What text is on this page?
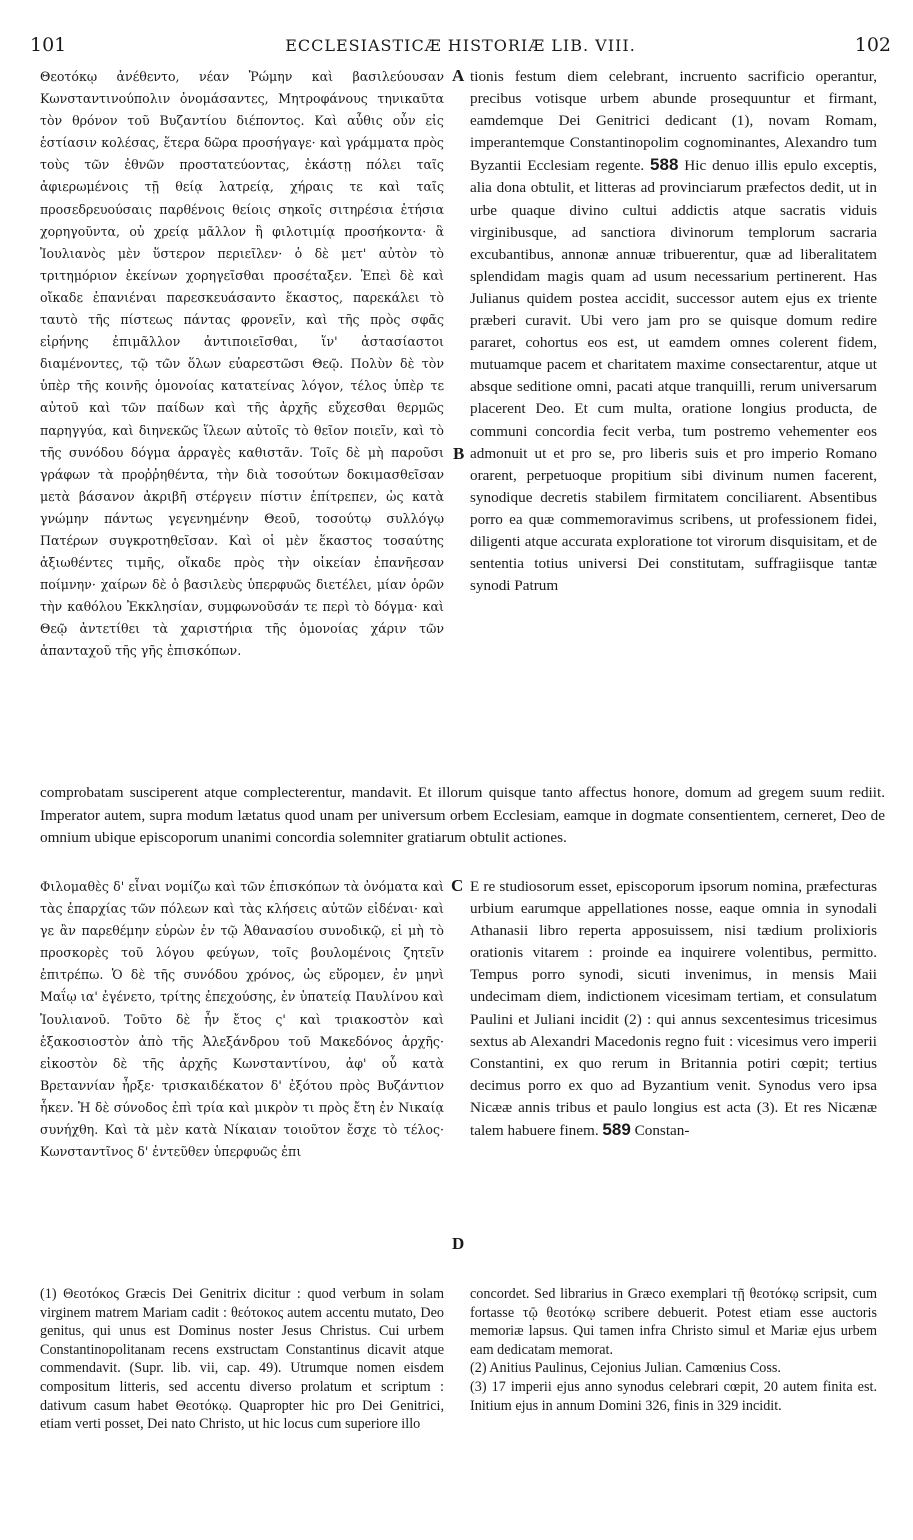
101	ECCLESIASTICÆ HISTORIÆ LIB. VIII.	102
A
B
C
D

Θεοτόκῳ ἀνέθεντο, νέαν Ῥώμην καὶ βασιλεύουσαν Κωνσταντινούπολιν ὀνομάσαντες, Μητροφάνους τηνικαῦτα τὸν θρόνον τοῦ Βυζαντίου διέποντος. Καὶ αὖθις οὖν εἰς ἑστίασιν κολέσας, ἕτερα δῶρα προσήγαγε· καὶ γράμματα πρὸς τοὺς τῶν ἐθνῶν προστατεύοντας, ἑκάστῃ πόλει ταῖς ἀφιερωμένοις τῇ θείᾳ λατρείᾳ, χήραις τε καὶ ταῖς προσεδρευούσαις παρθένοις θείοις σηκοῖς σιτηρέσια ἐτήσια χορηγοῦντα, οὐ χρείᾳ μᾶλλον ἢ φιλοτιμίᾳ προσήκοντα· ἃ Ἰουλιανὸς μὲν ὕστερον περιεῖλεν· ὁ δὲ μετ' αὐτὸν τὸ τριτημόριον ἐκείνων χορηγεῖσθαι προσέταξεν. Ἐπεὶ δὲ καὶ οἴκαδε ἐπανιέναι παρεσκευάσαντο ἕκαστος, παρεκάλει τὸ ταυτὸ τῆς πίστεως πάντας φρονεῖν, καὶ τῆς πρὸς σφᾶς εἰρήνης ἐπιμᾶλλον ἀντιποιεῖσθαι, ἵν' ἀστασίαστοι διαμένοντες, τῷ τῶν ὅλων εὐαρεστῶσι Θεῷ. Πολὺν δὲ τὸν ὑπὲρ τῆς κοινῆς ὁμονοίας κατατείνας λόγον, τέλος ὑπὲρ τε αὐτοῦ καὶ τῶν παίδων καὶ τῆς ἀρχῆς εὔχεσθαι θερμῶς παρηγγύα, καὶ διηνεκῶς ἵλεων αὐτοῖς τὸ θεῖον ποιεῖν, καὶ τὸ τῆς συνόδου δόγμα ἀρραγὲς καθιστᾶν. Τοῖς δὲ μὴ παροῦσι γράφων τὰ προῤῥηθέντα, τὴν διὰ τοσούτων δοκιμασθεῖσαν μετὰ βάσανον ἀκριβῆ στέργειν πίστιν ἐπίτρεπεν, ὡς κατὰ γνώμην πάντως γεγενημένην Θεοῦ, τοσούτῳ συλλόγῳ Πατέρων συγκροτηθεῖσαν. Καὶ οἱ μὲν ἕκαστος τοσαύτης ἀξιωθέντες τιμῆς, οἴκαδε πρὸς τὴν οἰκείαν ἐπανῆεσαν ποίμνην· χαίρων δὲ ὁ βασιλεὺς ὑπερφυῶς διετέλει, μίαν ὁρῶν τὴν καθόλου Ἐκκλησίαν, συμφωνοῦσάν τε περὶ τὸ δόγμα· καὶ Θεῷ ἀντετίθει τὰ χαριστήρια τῆς ὁμονοίας χάριν τῶν ἁπανταχοῦ τῆς γῆς ἐπισκόπων.

tionis festum diem celebrant, incruento sacrificio operantur, precibus votisque urbem abunde prosequuntur et firmant, eamdemque Dei Genitrici dedicant (1), novam Romam, imperantemque Constantinopolim cognominantes, Alexandro tum Byzantii Ecclesiam regente. 588 Hic denuo illis epulo exceptis, alia dona obtulit, et litteras ad provinciarum præfectos dedit, ut in urbe quaque divino cultui addictis atque sacratis viduis virginibusque, ad sanctiora divinorum templorum sacraria excubantibus, annonæ annuæ tribuerentur, quæ ad liberalitatem splendidam magis quam ad usum necessarium pertinerent. Has Julianus quidem postea accidit, successor autem ejus ex triente præberi curavit. Ubi vero jam pro se quisque domum redire pararet, cohortus eos est, ut eamdem omnes colerent fidem, mutuamque pacem et charitatem maxime consectarentur, atque ut absque seditione omni, pacati atque tranquilli, rerum universarum placerent Deo. Et cum multa, oratione longius producta, de communi concordia fecit verba, tum postremo vehementer eos admonuit ut et pro se, pro liberis suis et pro imperio Romano orarent, perpetuoque propitium sibi divinum numen facerent, synodique decretis stabilem firmitatem conciliarent. Absentibus porro ea quæ commemoravimus scribens, ut professionem fidei, diligenti atque accurata exploratione tot virorum disquisitam, et de sententia totius universi Dei constitutam, suffragiisque tantæ synodi Patrum

comprobatam susciperent atque complecterentur, mandavit. Et illorum quisque tanto affectus honore, domum ad gregem suum rediit. Imperator autem, supra modum lætatus quod unam per universum orbem Ecclesiam, eamque in dogmate consentientem, cerneret, Deo de omnium ubique episcoporum unanimi concordia solemniter gratiarum obtulit actiones.

Φιλομαθὲς δ' εἶναι νομίζω καὶ τῶν ἐπισκόπων τὰ ὀνόματα καὶ τὰς ἐπαρχίας τῶν πόλεων καὶ τὰς κλήσεις αὐτῶν εἰδέναι· καὶ γε ἂν παρεθέμην εὑρὼν ἐν τῷ Ἀθανασίου συνοδικῷ, εἰ μὴ τὸ προσκορὲς τοῦ λόγου φεύγων, τοῖς βουλομένοις ζητεῖν ἐπιτρέπω. Ὁ δὲ τῆς συνόδου χρόνος, ὡς εὕρομεν, ἐν μηνὶ Μαΐῳ ια' ἐγένετο, τρίτης ἐπεχούσης, ἐν ὑπατείᾳ Παυλίνου καὶ Ἰουλιανοῦ. Τοῦτο δὲ ἦν ἔτος ς' καὶ τριακοστὸν καὶ ἑξακοσιοστὸν ἀπὸ τῆς Ἀλεξάνδρου τοῦ Μακεδόνος ἀρχῆς· εἰκοστὸν δὲ τῆς ἀρχῆς Κωνσταντίνου, ἀφ' οὗ κατὰ Βρεταννίαν ἦρξε· τρισκαιδέκατον δ' ἐξότου πρὸς Βυζάντιον ἧκεν. Ἡ δὲ σύνοδος ἐπὶ τρία καὶ μικρὸν τι πρὸς ἔτη ἐν Νικαίᾳ συνήχθη. Καὶ τὰ μὲν κατὰ Νίκαιαν τοιοῦτον ἔσχε τὸ τέλος· Κωνσταντῖνος δ' ἐντεῦθεν ὑπερφυῶς ἐπι

E re studiosorum esset, episcoporum ipsorum nomina, præfecturas urbium earumque appellationes nosse, eaque omnia in synodali Athanasii libro reperta apposuissem, nisi tædium prolixioris orationis vitarem : proinde ea inquirere volentibus, permitto. Tempus porro synodi, sicuti invenimus, in mensis Maii undecimam diem, indictionem vicesimam tertiam, et consulatum Paulini et Juliani incidit (2) : qui annus sexcentesimus tricesimus sextus ab Alexandri Macedonis regno fuit : vicesimus vero imperii Constantini, ex quo rerum in Britannia potiri cœpit; tertius decimus porro ex quo ad Byzantium venit. Synodus vero ipsa Nicææ annis tribus et paulo longius est acta (3). Et res Nicænæ talem habuere finem. 589 Constan-

(1) Θεοτόκος Græcis Dei Genitrix dicitur : quod verbum in solam virginem matrem Mariam cadit : θεότοκος autem accentu mutato, Deo genitus, qui unus est Dominus noster Jesus Christus. Cui urbem Constantinopolitanam recens exstructam Constantinus dicavit atque commendavit. (Supr. lib. vii, cap. 49). Utrumque nomen eisdem compositum litteris, sed accentu diverso prolatum et scriptum : dativum casum habet Θεοτόκῳ. Quapropter hic pro Dei Genitrici, etiam verti posset, Dei nato Christo, ut hic locus cum superiore illo

concordet. Sed librarius in Græco exemplari τῇ θεοτόκῳ scripsit, cum fortasse τῷ θεοτόκῳ scribere debuerit. Potest etiam esse auctoris memoriæ lapsus. Qui tamen infra Christo simul et Mariæ ejus urbem eam dedicatam memorat.

(2) Anitius Paulinus, Cejonius Julian. Camœnius Coss.

(3) 17 imperii ejus anno synodus celebrari cœpit, 20 autem finita est. Initium ejus in annum Domini 326, finis in 329 incidit.
